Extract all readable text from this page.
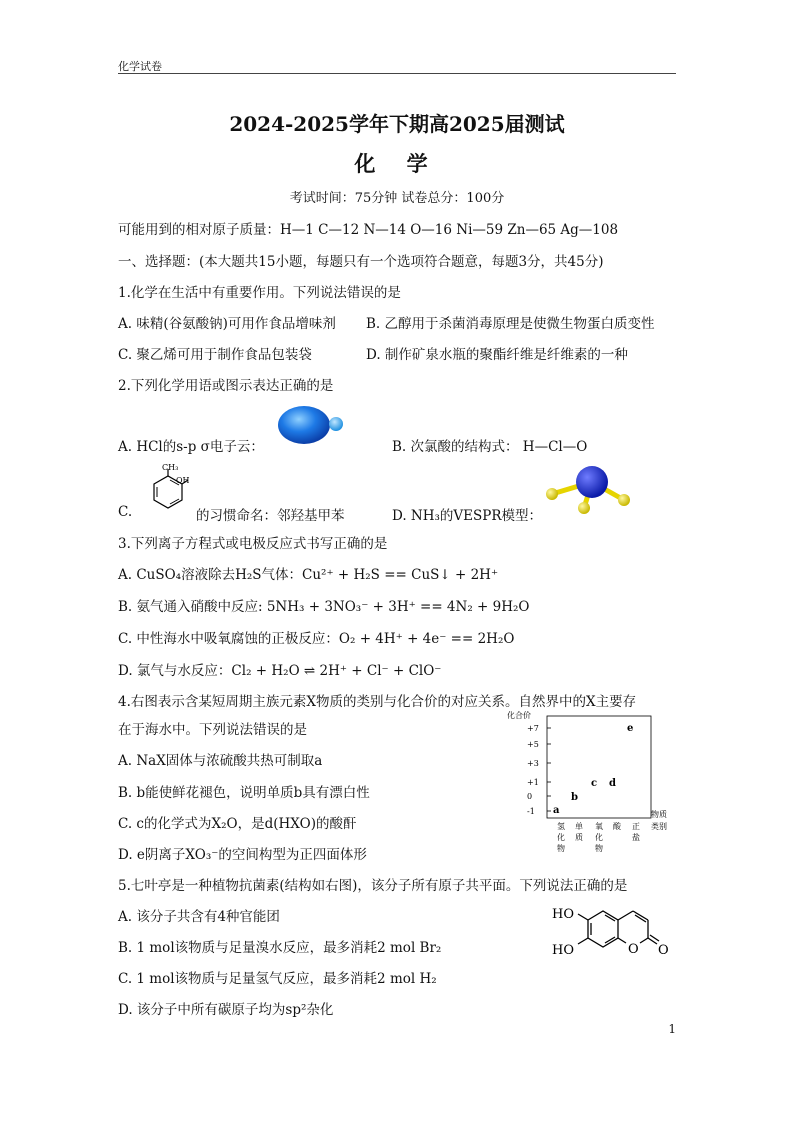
化学试卷
2024-2025学年下期高2025届测试
化 学
考试时间：75分钟 试卷总分：100分
可能用到的相对原子质量：H—1 C—12 N—14 O—16 Ni—59 Zn—65 Ag—108
一、选择题：(本大题共15小题，每题只有一个选项符合题意，每题3分，共45分)
1.化学在生活中有重要作用。下列说法错误的是
A. 味精(谷氨酸钠)可用作食品增味剂 B. 乙醇用于杀菌消毒原理是使微生物蛋白质变性
C. 聚乙烯可用于制作食品包装袋	D. 制作矿泉水瓶的聚酯纤维是纤维素的一种
2.下列化学用语或图示表达正确的是
A. HCl的s-p σ电子云：	B. 次氯酸的结构式： H—Cl—O
C.
CH₃
OH
的习惯命名：邻羟基甲苯	D. NH₃的VESPR模型：
3.下列离子方程式或电极反应式书写正确的是
A. CuSO₄溶液除去H₂S气体：Cu²⁺ + H₂S == CuS↓ + 2H⁺
B. 氨气通入硝酸中反应: 5NH₃ + 3NO₃⁻ + 3H⁺ == 4N₂ + 9H₂O
C. 中性海水中吸氧腐蚀的正极反应：O₂ + 4H⁺ + 4e⁻ == 2H₂O
D. 氯气与水反应：Cl₂ + H₂O ⇌ 2H⁺ + Cl⁻ + ClO⁻
4.右图表示含某短周期主族元素X物质的类别与化合价的对应关系。自然界中的X主要存
在于海水中。下列说法错误的是
A. NaX固体与浓硫酸共热可制取a
B. b能使鲜花褪色，说明单质b具有漂白性
C. c的化学式为X₂O，是d(HXO)的酸酐
D. e阴离子XO₃⁻的空间构型为正四面体形
化合价
物质
类别
+7
+5
+3
+1
0
-1
氢
化
物
单
质
氧
化
物
酸 正
盐
a
b
c d
e
5.七叶亭是一种植物抗菌素(结构如右图)，该分子所有原子共平面。下列说法正确的是
A. 该分子共含有4种官能团
B. 1 mol该物质与足量溴水反应，最多消耗2 mol Br₂
C. 1 mol该物质与足量氢气反应，最多消耗2 mol H₂
D. 该分子中所有碳原子均为sp²杂化
HO
HO	O O
1
